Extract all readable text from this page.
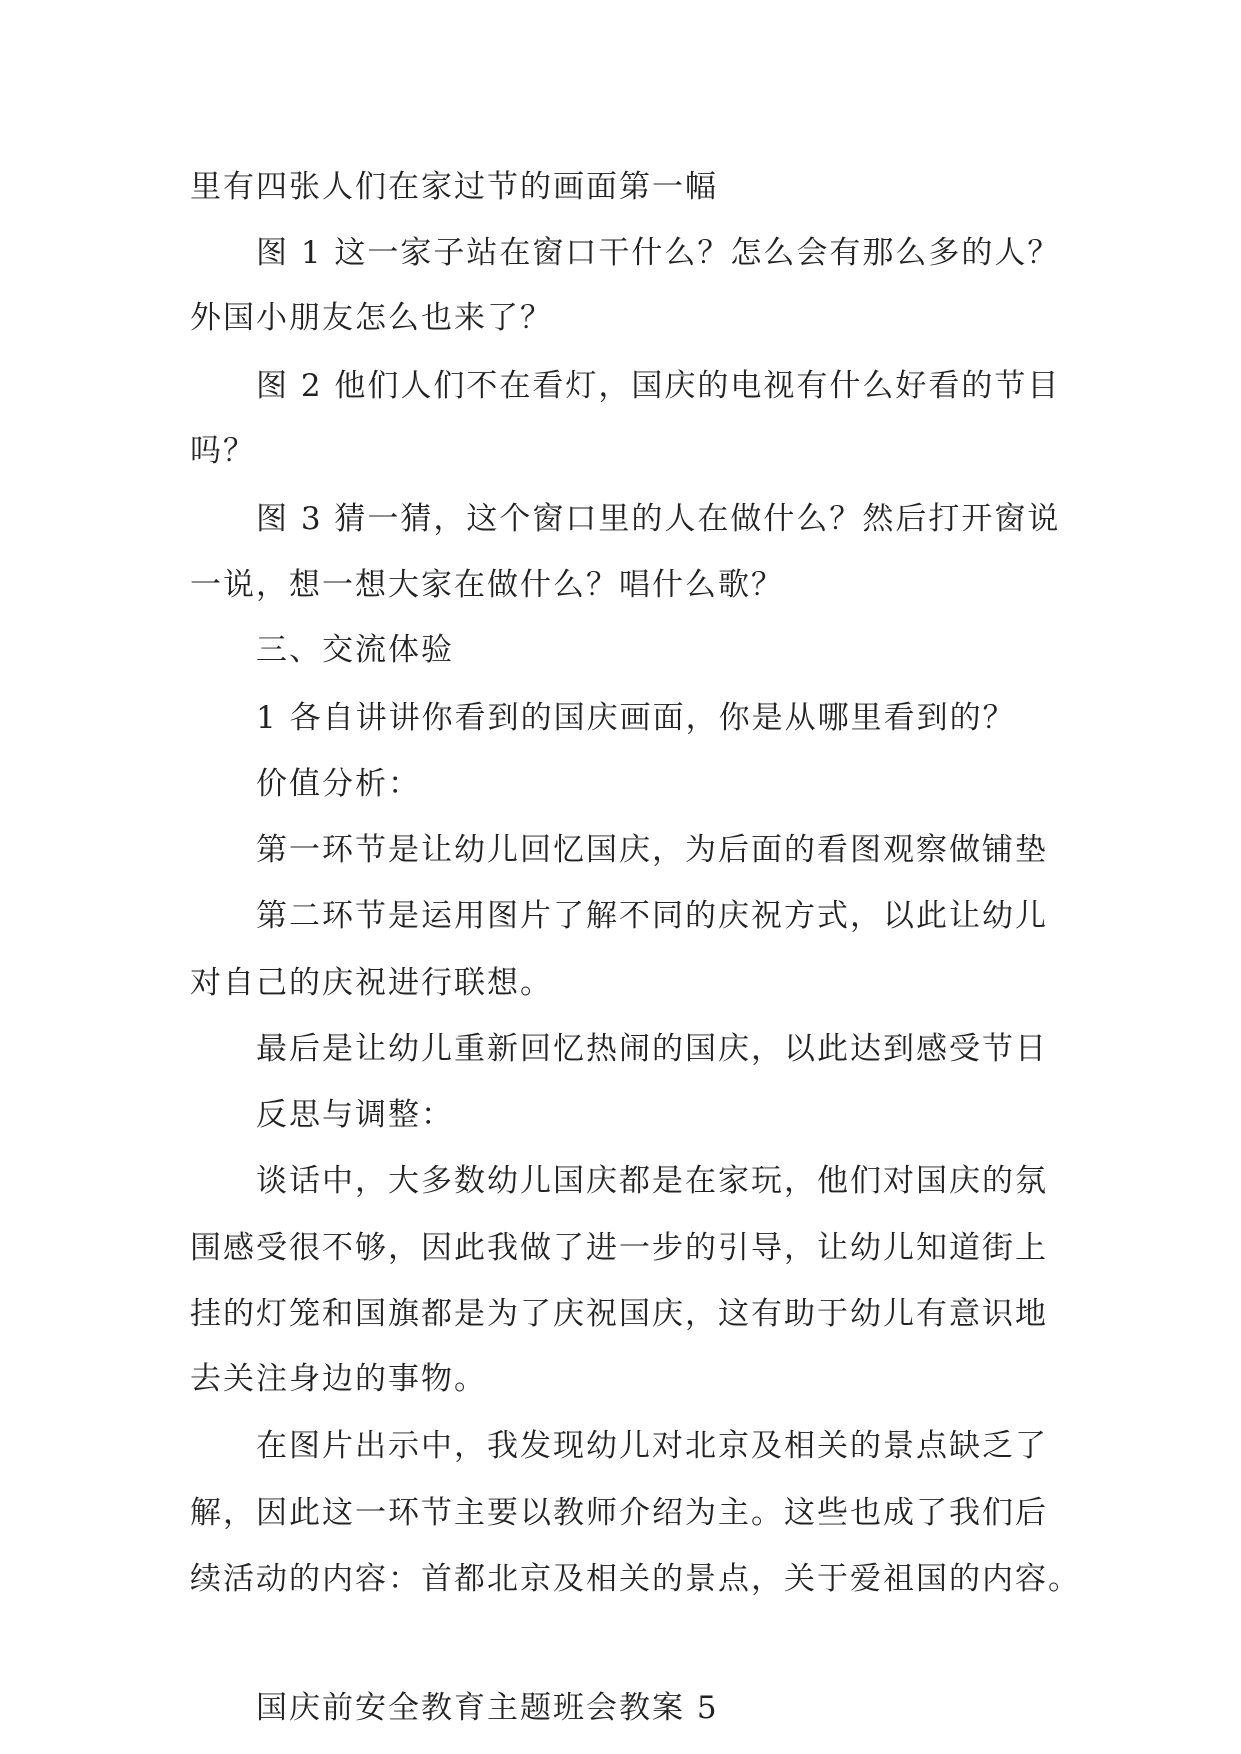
里有四张人们在家过节的画面第一幅

图 1 这一家子站在窗口干什么？怎么会有那么多的人？

外国小朋友怎么也来了？

图 2 他们人们不在看灯，国庆的电视有什么好看的节目

吗？

图 3 猜一猜，这个窗口里的人在做什么？然后打开窗说

一说，想一想大家在做什么？唱什么歌？

三、交流体验

1 各自讲讲你看到的国庆画面，你是从哪里看到的？

价值分析：

第一环节是让幼儿回忆国庆，为后面的看图观察做铺垫

第二环节是运用图片了解不同的庆祝方式，以此让幼儿

对自己的庆祝进行联想。

最后是让幼儿重新回忆热闹的国庆，以此达到感受节日

反思与调整：

谈话中，大多数幼儿国庆都是在家玩，他们对国庆的氛

围感受很不够，因此我做了进一步的引导，让幼儿知道街上

挂的灯笼和国旗都是为了庆祝国庆，这有助于幼儿有意识地

去关注身边的事物。

在图片出示中，我发现幼儿对北京及相关的景点缺乏了

解，因此这一环节主要以教师介绍为主。这些也成了我们后

续活动的内容：首都北京及相关的景点，关于爱祖国的内容。

国庆前安全教育主题班会教案 5
